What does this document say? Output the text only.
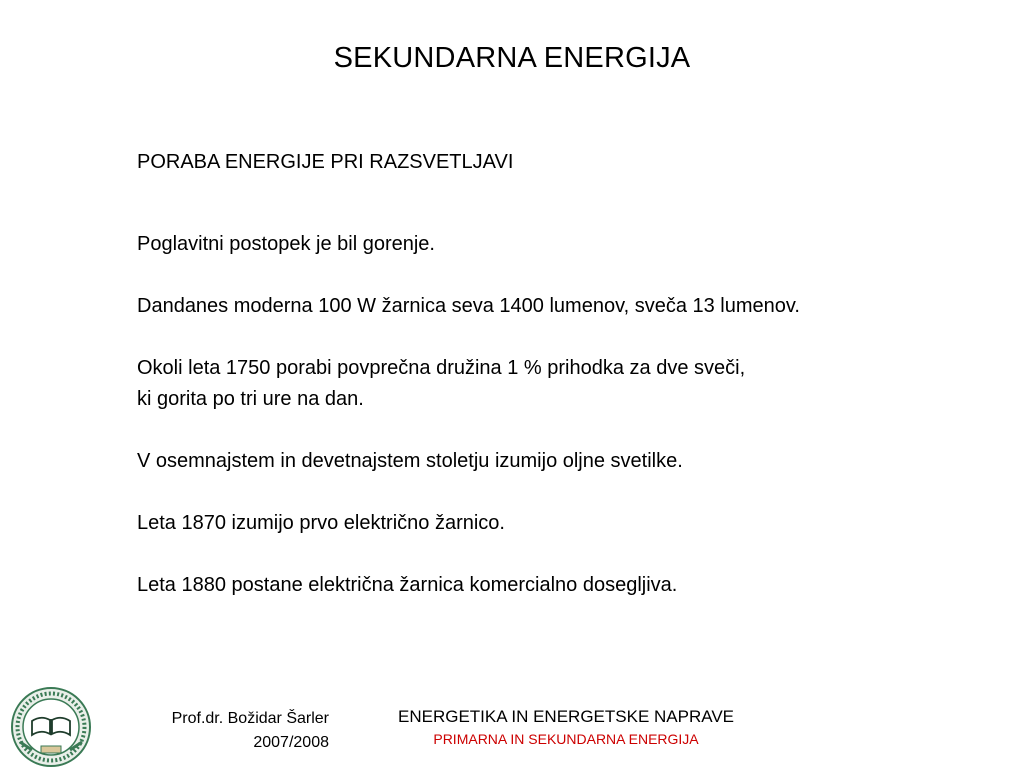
SEKUNDARNA ENERGIJA
PORABA ENERGIJE PRI RAZSVETLJAVI
Poglavitni postopek je bil gorenje.
Dandanes moderna 100 W žarnica seva 1400 lumenov, sveča 13 lumenov.
Okoli leta 1750 porabi povprečna družina 1 % prihodka za dve sveči,
ki gorita po tri ure na dan.
V osemnajstem in devetnajstem stoletju izumijo oljne svetilke.
Leta 1870 izumijo prvo električno žarnico.
Leta 1880 postane električna žarnica komercialno dosegljiva.
Prof.dr. Božidar Šarler
2007/2008
ENERGETIKA IN ENERGETSKE NAPRAVE
PRIMARNA IN SEKUNDARNA ENERGIJA
